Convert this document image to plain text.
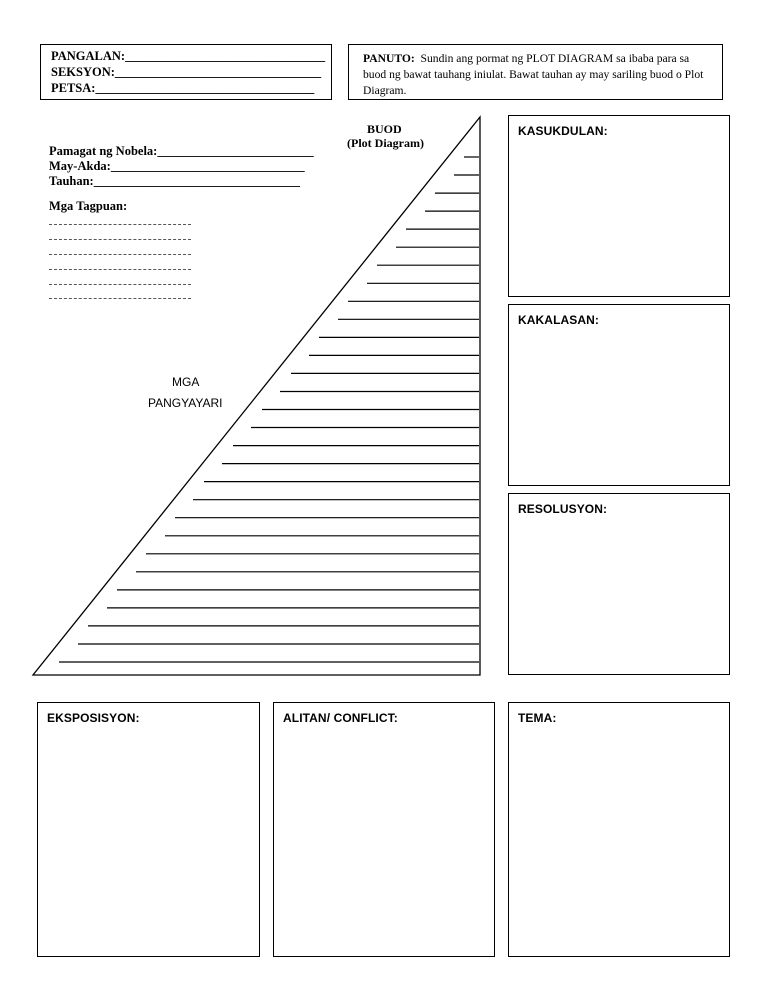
PANGALAN:________________________________
SEKSYON:_________________________________
PETSA:___________________________________
PANUTO: Sundin ang pormat ng PLOT DIAGRAM sa ibaba para sa buod ng bawat tauhang iniulat. Bawat tauhan ay may sariling buod o Plot Diagram.
Pamagat ng Nobela:_________________________
May-Akda:_______________________________
Tauhan:_________________________________
Mga Tagpuan:
BUOD
(Plot Diagram)
MGA
PANGYAYARI
KASUKDULAN:
KAKALASAN:
RESOLUSYON:
EKSPOSISYON:	ALITAN/ CONFLICT:	TEMA:
